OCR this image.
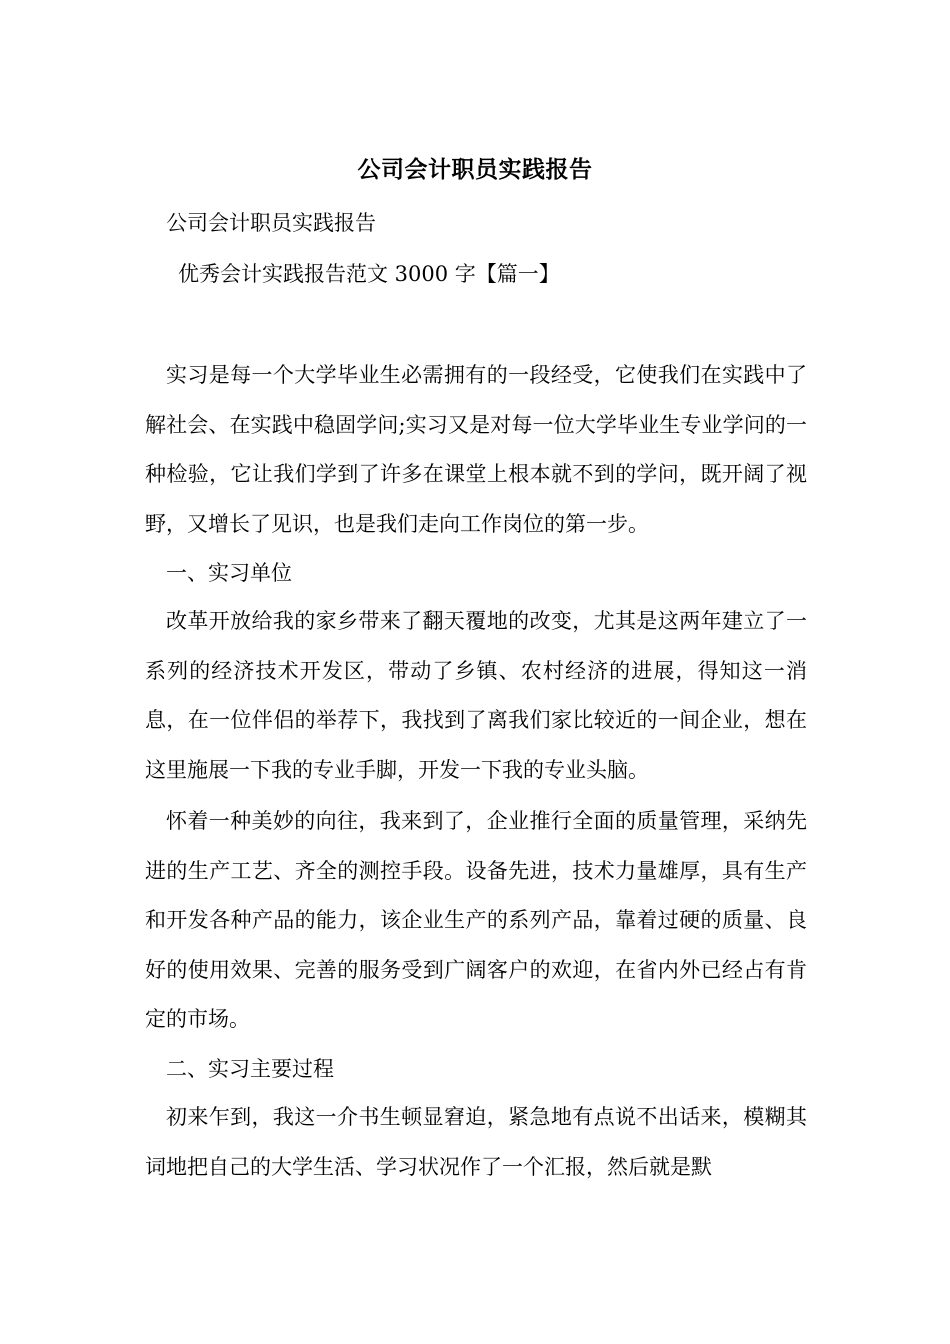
公司会计职员实践报告
公司会计职员实践报告
优秀会计实践报告范文 3000 字【篇一】

实习是每一个大学毕业生必需拥有的一段经受，它使我们在实践中了解社会、在实践中稳固学问;实习又是对每一位大学毕业生专业学问的一种检验，它让我们学到了许多在课堂上根本就不到的学问，既开阔了视野，又增长了见识，也是我们走向工作岗位的第一步。

一、实习单位

改革开放给我的家乡带来了翻天覆地的改变，尤其是这两年建立了一系列的经济技术开发区，带动了乡镇、农村经济的进展，得知这一消息，在一位伴侣的举荐下，我找到了离我们家比较近的一间企业，想在这里施展一下我的专业手脚，开发一下我的专业头脑。

怀着一种美妙的向往，我来到了，企业推行全面的质量管理，采纳先进的生产工艺、齐全的测控手段。设备先进，技术力量雄厚，具有生产和开发各种产品的能力，该企业生产的系列产品，靠着过硬的质量、良好的使用效果、完善的服务受到广阔客户的欢迎，在省内外已经占有肯定的市场。

二、实习主要过程

初来乍到，我这一介书生顿显窘迫，紧急地有点说不出话来，模糊其词地把自己的大学生活、学习状况作了一个汇报，然后就是默
